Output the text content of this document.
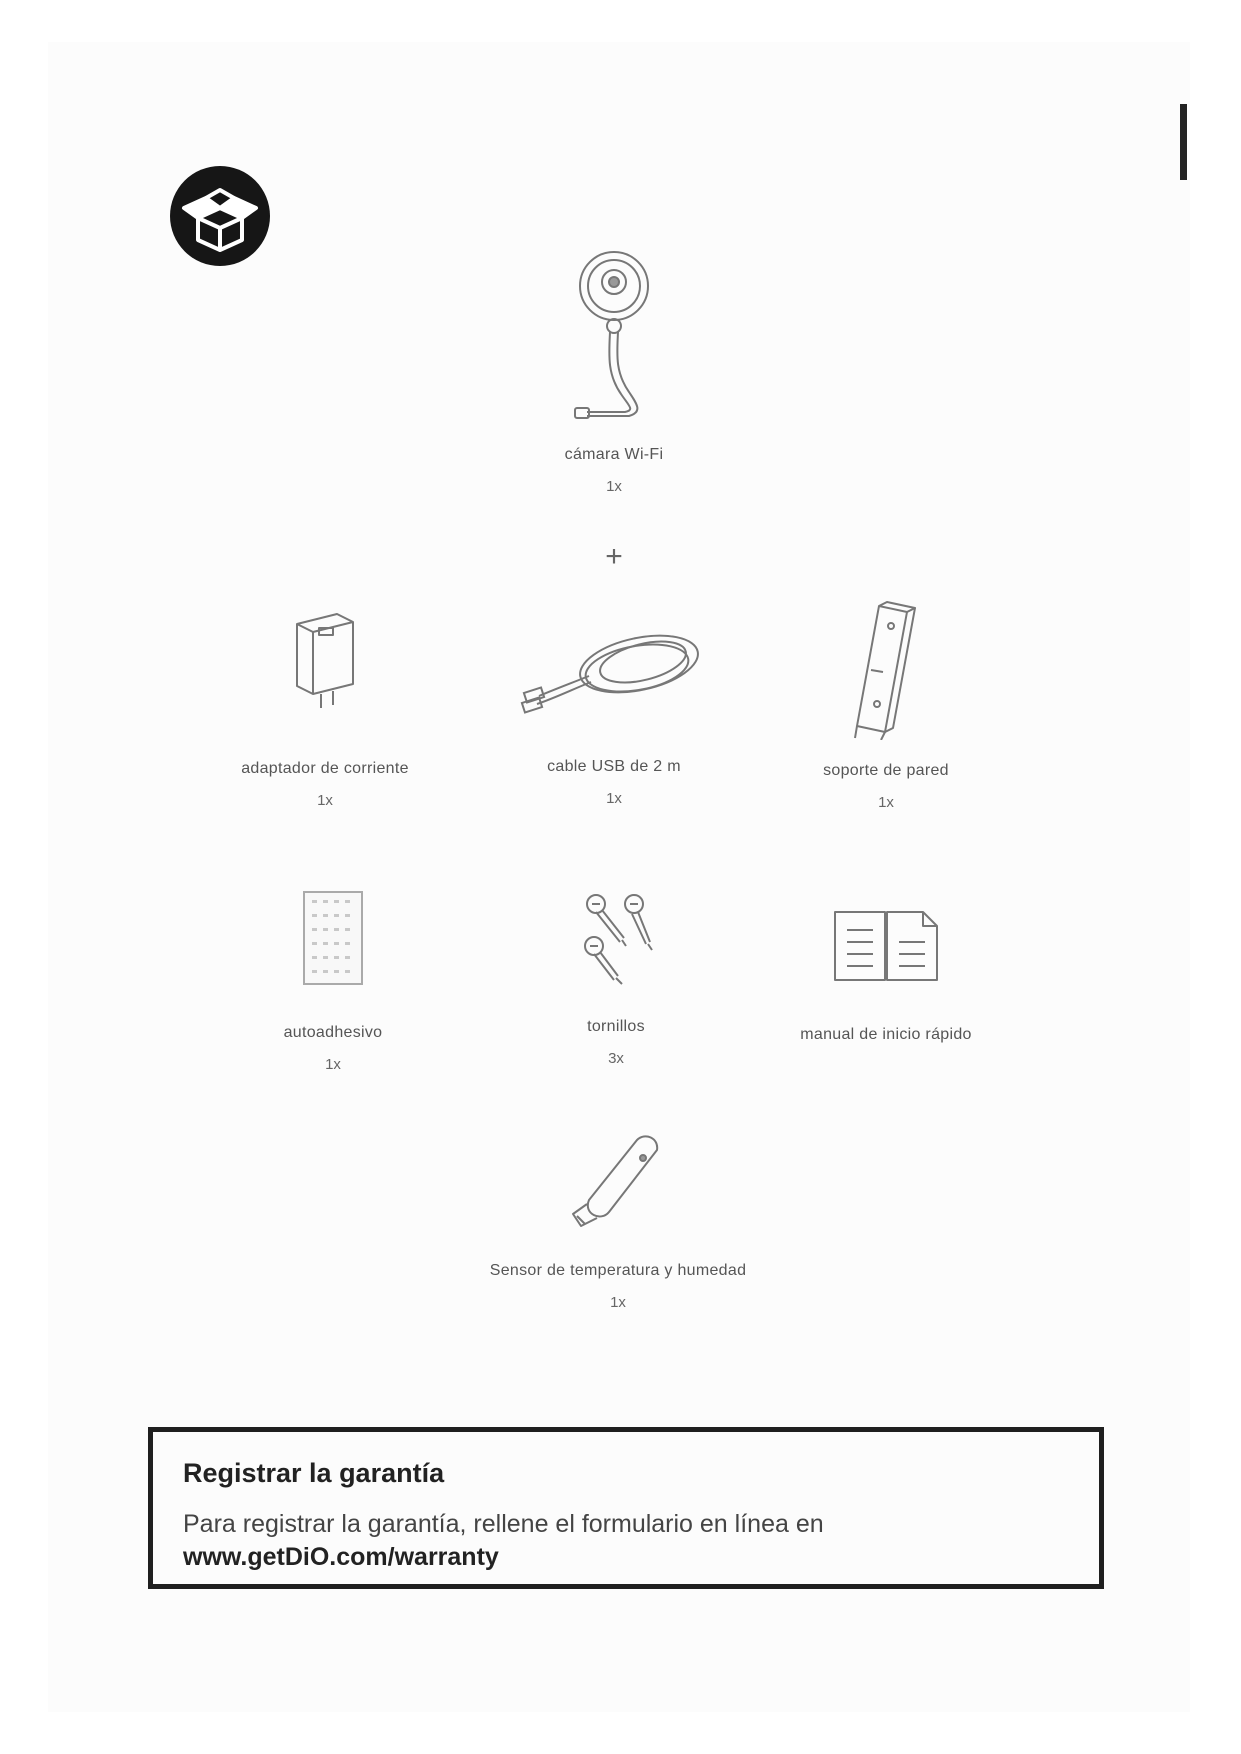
cámara Wi-Fi
1x
+
adaptador de corriente
1x
cable USB de 2 m
1x
soporte de pared
1x
autoadhesivo
1x
tornillos
3x
manual de inicio rápido
Sensor de temperatura y humedad
1x
Registrar la garantía
Para registrar la garantía, rellene el formulario en línea en
www.getDiO.com/warranty
